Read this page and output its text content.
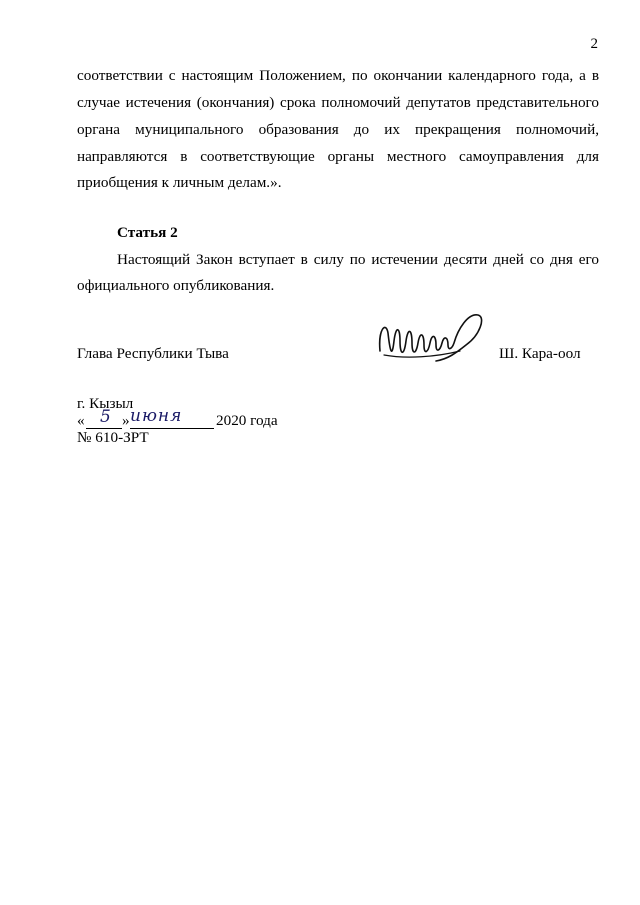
2
соответствии с настоящим Положением, по окончании календарного года, а в
случае истечения (окончания) срока полномочий депутатов представительного
органа муниципального образования до их прекращения полномочий,
направляются в соответствующие органы местного самоуправления для
приобщения к личным делам.».
Статья 2
Настоящий Закон вступает в силу по истечении десяти дней со дня его
официального опубликования.
Глава Республики Тыва	Ш. Кара-оол
г. Кызыл
« 5 » июня 2020 года
№ 610-ЗРТ
